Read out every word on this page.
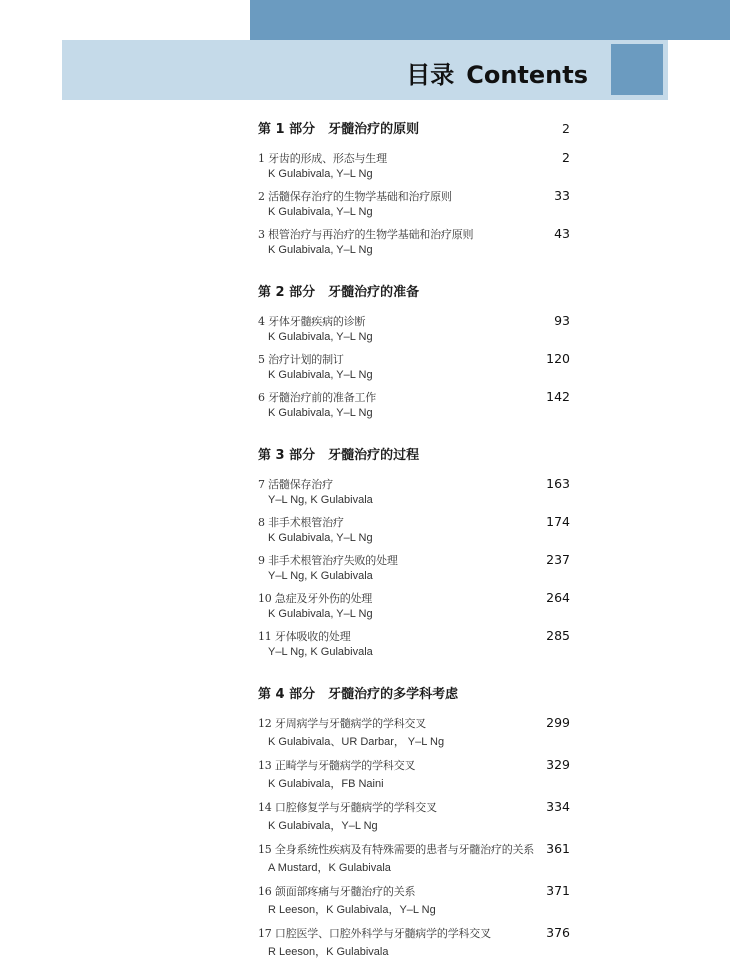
目录 Contents
第 1 部分　牙髓治疗的原则	2
1 牙齿的形成、形态与生理	2
K Gulabivala, Y–L Ng
2 活髓保存治疗的生物学基础和治疗原则	33
K Gulabivala, Y–L Ng
3 根管治疗与再治疗的生物学基础和治疗原则	43
K Gulabivala, Y–L Ng
第 2 部分　牙髓治疗的准备
4 牙体牙髓疾病的诊断	93
K Gulabivala, Y–L Ng
5 治疗计划的制订	120
K Gulabivala, Y–L Ng
6 牙髓治疗前的准备工作	142
K Gulabivala, Y–L Ng
第 3 部分　牙髓治疗的过程
7 活髓保存治疗	163
Y–L Ng, K Gulabivala
8 非手术根管治疗	174
K Gulabivala, Y–L Ng
9 非手术根管治疗失败的处理	237
Y–L Ng, K Gulabivala
10 急症及牙外伤的处理	264
K Gulabivala, Y–L Ng
11 牙体吸收的处理	285
Y–L Ng, K Gulabivala
第 4 部分　牙髓治疗的多学科考虑
12 牙周病学与牙髓病学的学科交叉	299
K Gulabivala、UR Darbar， Y–L Ng
13 正畸学与牙髓病学的学科交叉	329
K Gulabivala，FB Naini
14 口腔修复学与牙髓病学的学科交叉	334
K Gulabivala，Y–L Ng
15 全身系统性疾病及有特殊需要的患者与牙髓治疗的关系 361
A Mustard，K Gulabivala
16 颌面部疼痛与牙髓治疗的关系	371
R Leeson，K Gulabivala，Y–L Ng
17 口腔医学、口腔外科学与牙髓病学的学科交叉	376
R Leeson，K Gulabivala
